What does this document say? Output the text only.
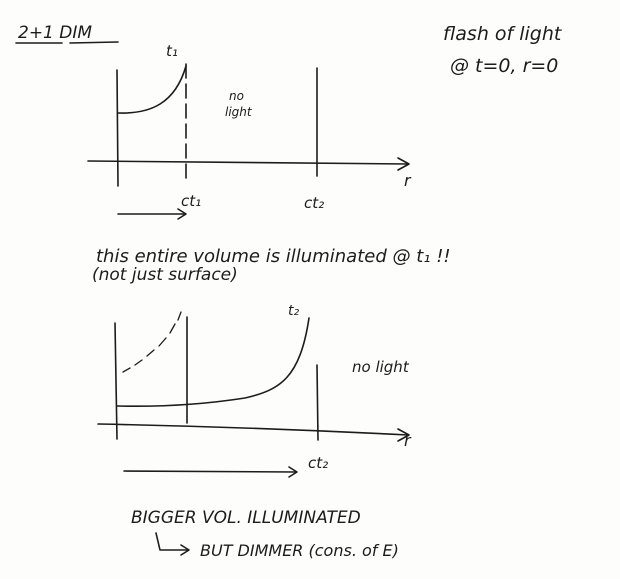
2+1 DIM	flash of light
@ t=0, r=0
t₁
no
light
r
ct₁	ct₂
this entire volume is illuminated @ t₁ !!
(not just surface)
t₂
no light
r
ct₂
BIGGER VOL. ILLUMINATED
BUT DIMMER (cons. of E)
